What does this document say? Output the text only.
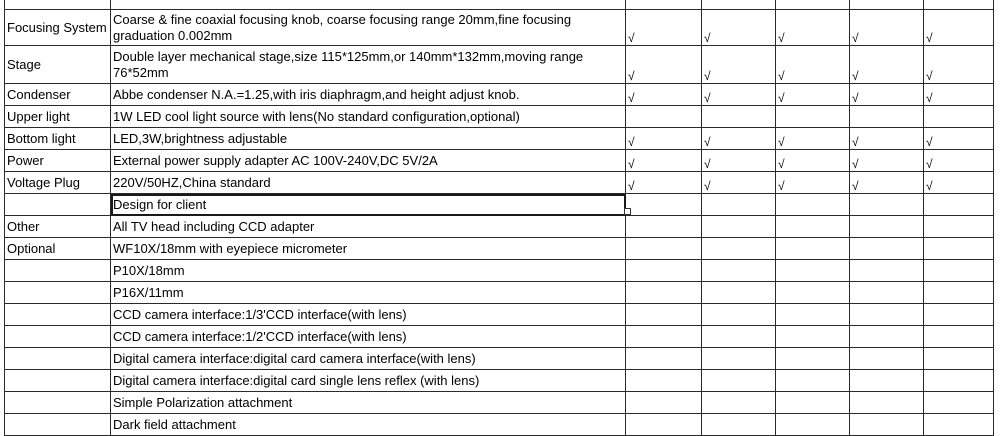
Focusing System	Coarse & fine coaxial focusing knob, coarse focusing range 20mm,fine focusing graduation 0.002mm	√	√	√	√	√
Stage	Double layer mechanical stage,size 115*125mm,or 140mm*132mm,moving range 76*52mm	√	√	√	√	√
Condenser	Abbe condenser N.A.=1.25,with iris diaphragm,and height adjust knob.	√	√	√	√	√
Upper light	1W LED cool light source with lens(No standard configuration,optional)					
Bottom light	LED,3W,brightness adjustable	√	√	√	√	√
Power	External power supply adapter AC 100V-240V,DC 5V/2A	√	√	√	√	√
Voltage Plug	220V/50HZ,China standard	√	√	√	√	√
	Design for client					
Other	All TV head including CCD adapter					
Optional	WF10X/18mm with eyepiece micrometer					
	P10X/18mm					
	P16X/11mm					
	CCD camera interface:1/3'CCD interface(with lens)					
	CCD camera interface:1/2'CCD interface(with lens)					
	Digital camera interface:digital card camera interface(with lens)					
	Digital camera interface:digital card single lens reflex (with lens)					
	Simple Polarization attachment					
	Dark field attachment					
